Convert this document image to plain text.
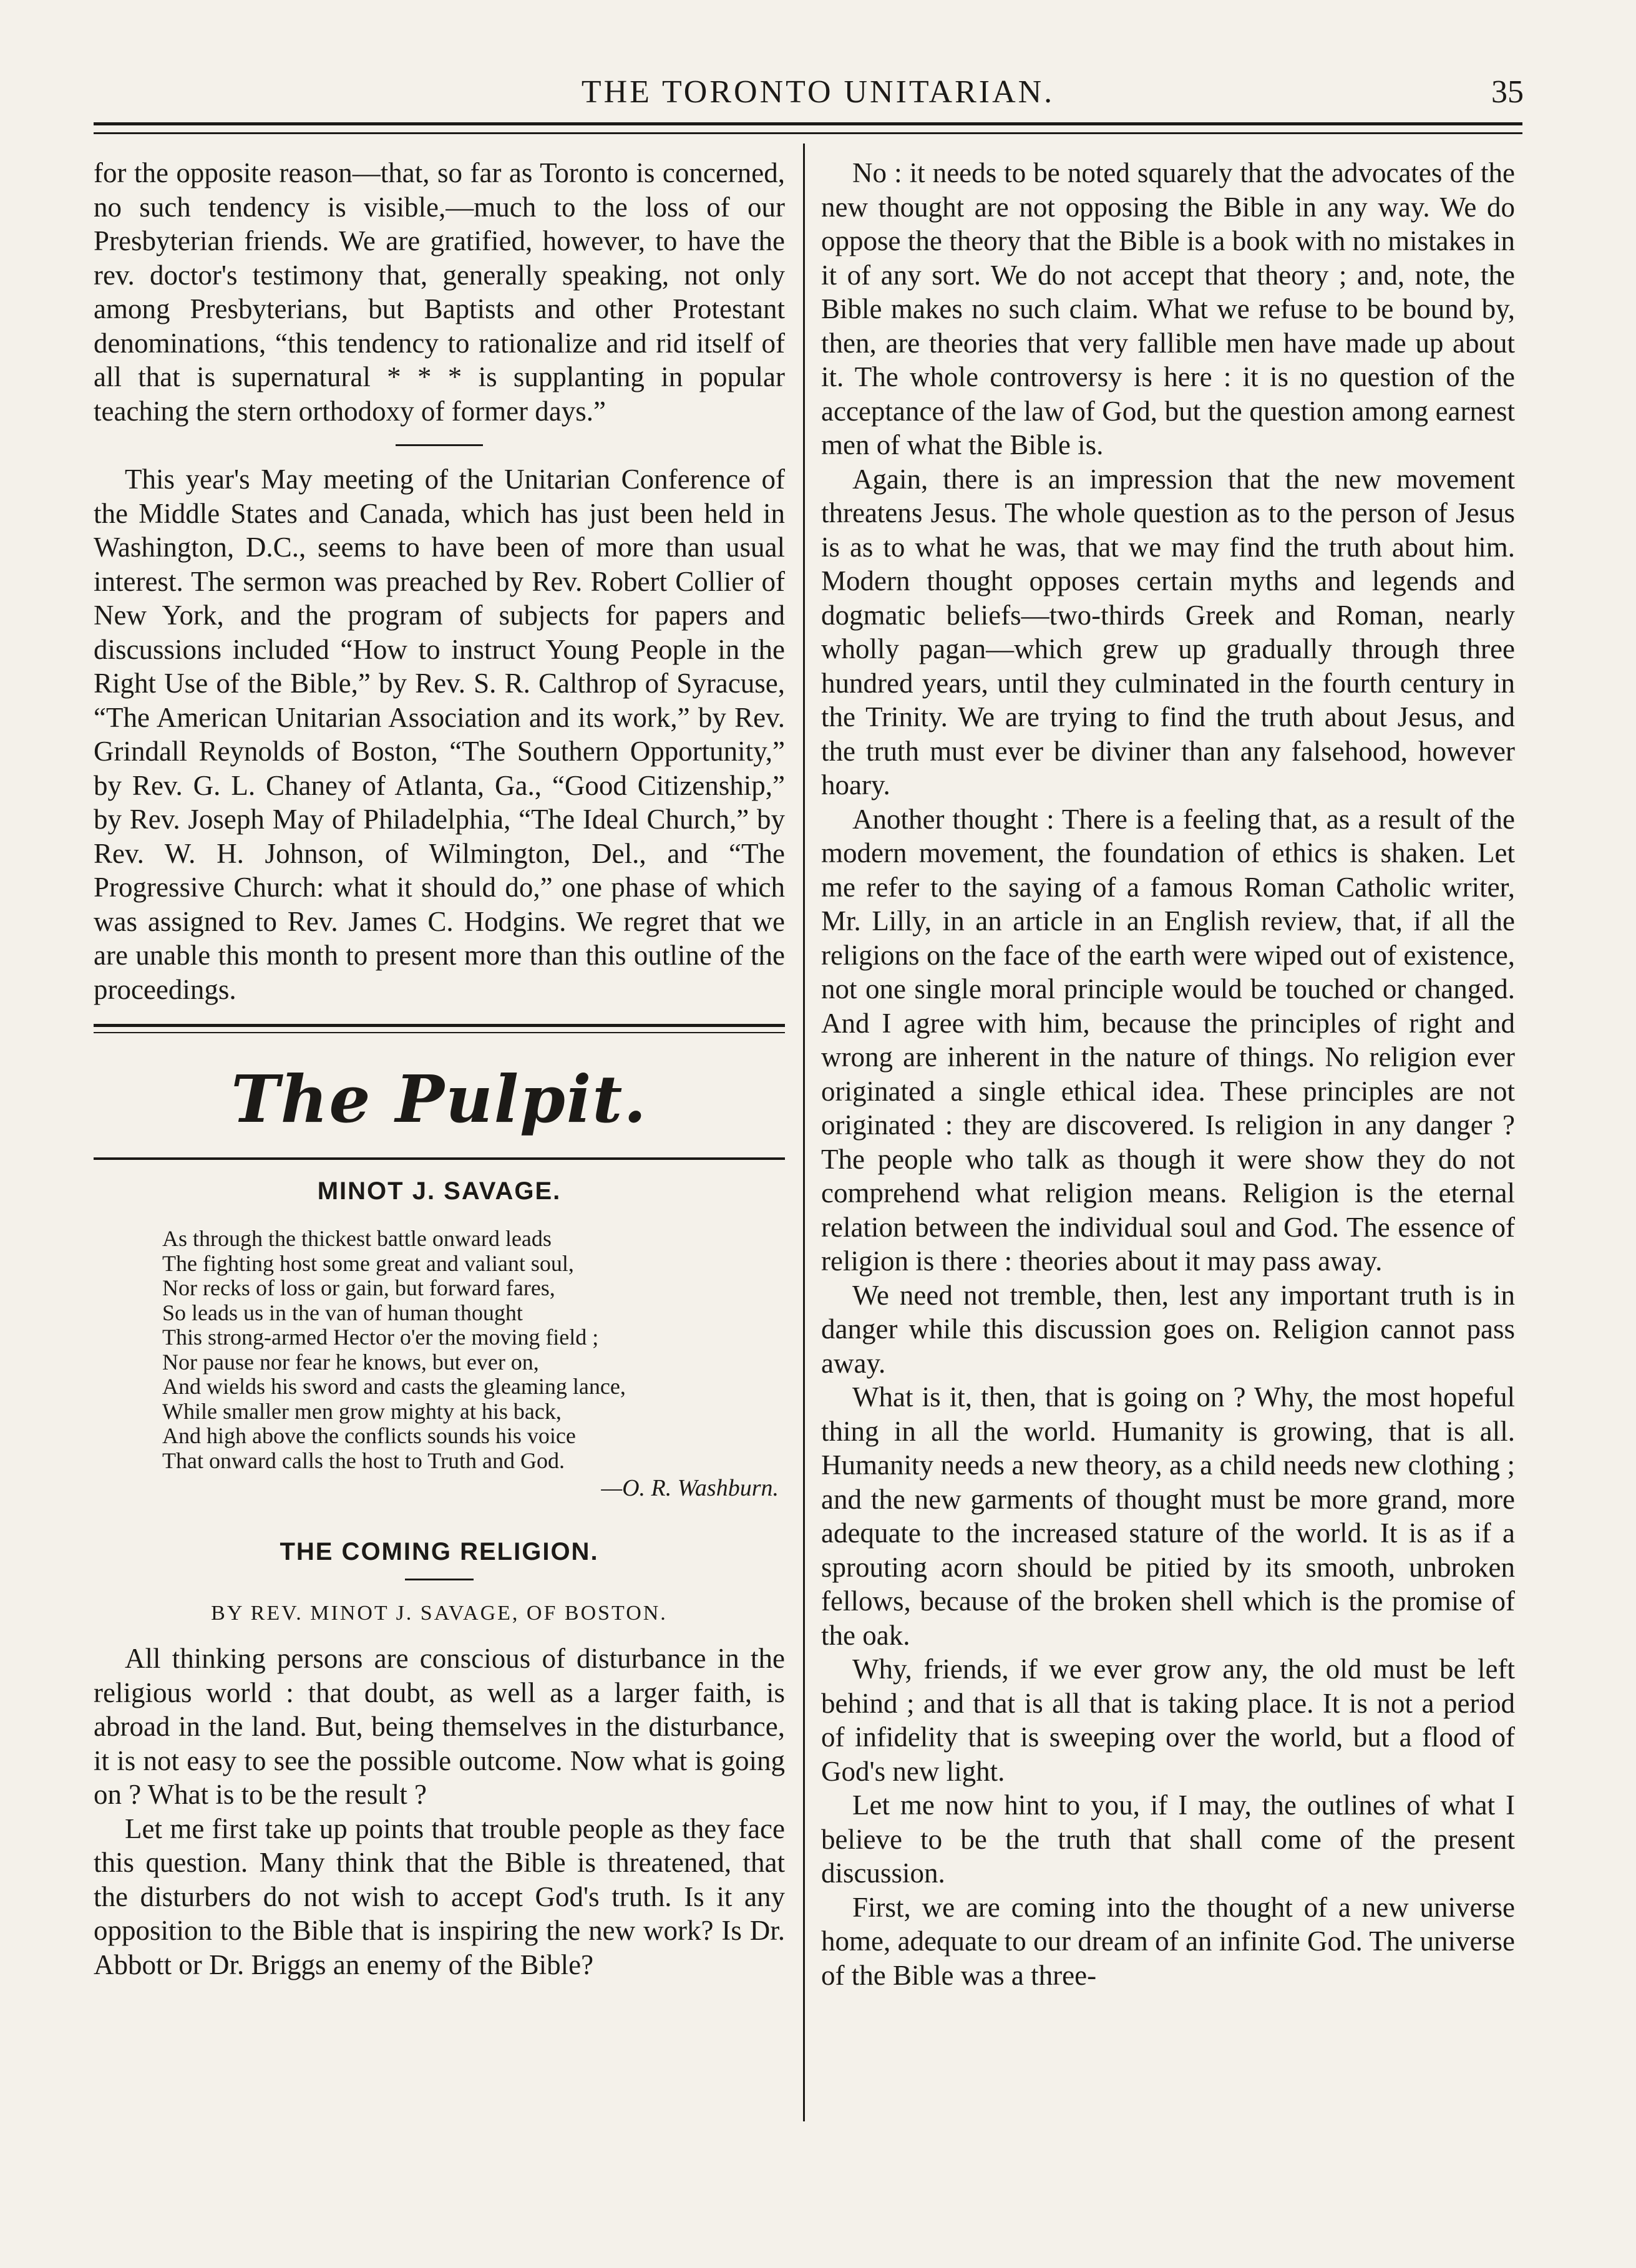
THE TORONTO UNITARIAN.	35

for the opposite reason—that, so far as Toronto is concerned, no such tendency is visible,—much to the loss of our Presbyterian friends. We are gratified, however, to have the rev. doctor's testimony that, generally speaking, not only among Presbyterians, but Baptists and other Protestant denominations, “this tendency to rationalize and rid itself of all that is supernatural * * * is supplanting in popular teaching the stern orthodoxy of former days.”

This year's May meeting of the Unitarian Conference of the Middle States and Canada, which has just been held in Washington, D.C., seems to have been of more than usual interest. The sermon was preached by Rev. Robert Collier of New York, and the program of subjects for papers and discussions included “How to instruct Young People in the Right Use of the Bible,” by Rev. S. R. Calthrop of Syracuse, “The American Unitarian Association and its work,” by Rev. Grindall Reynolds of Boston, “The Southern Opportunity,” by Rev. G. L. Chaney of Atlanta, Ga., “Good Citizenship,” by Rev. Joseph May of Philadelphia, “The Ideal Church,” by Rev. W. H. Johnson, of Wilmington, Del., and “The Progressive Church: what it should do,” one phase of which was assigned to Rev. James C. Hodgins. We regret that we are unable this month to present more than this outline of the proceedings.

The Pulpit.
MINOT J. SAVAGE.
As through the thickest battle onward leads
The fighting host some great and valiant soul,
Nor recks of loss or gain, but forward fares,
So leads us in the van of human thought
This strong-armed Hector o'er the moving field ;
Nor pause nor fear he knows, but ever on,
And wields his sword and casts the gleaming lance,
While smaller men grow mighty at his back,
And high above the conflicts sounds his voice
That onward calls the host to Truth and God.
—O. R. Washburn.
THE COMING RELIGION.
BY REV. MINOT J. SAVAGE, OF BOSTON.

All thinking persons are conscious of disturbance in the religious world : that doubt, as well as a larger faith, is abroad in the land. But, being themselves in the disturbance, it is not easy to see the possible outcome. Now what is going on ? What is to be the result ?

Let me first take up points that trouble people as they face this question. Many think that the Bible is threatened, that the disturbers do not wish to accept God's truth. Is it any opposition to the Bible that is inspiring the new work? Is Dr. Abbott or Dr. Briggs an enemy of the Bible?

No : it needs to be noted squarely that the advocates of the new thought are not opposing the Bible in any way. We do oppose the theory that the Bible is a book with no mistakes in it of any sort. We do not accept that theory ; and, note, the Bible makes no such claim. What we refuse to be bound by, then, are theories that very fallible men have made up about it. The whole controversy is here : it is no question of the acceptance of the law of God, but the question among earnest men of what the Bible is.

Again, there is an impression that the new movement threatens Jesus. The whole question as to the person of Jesus is as to what he was, that we may find the truth about him. Modern thought opposes certain myths and legends and dogmatic beliefs—two-thirds Greek and Roman, nearly wholly pagan—which grew up gradually through three hundred years, until they culminated in the fourth century in the Trinity. We are trying to find the truth about Jesus, and the truth must ever be diviner than any falsehood, however hoary.

Another thought : There is a feeling that, as a result of the modern movement, the foundation of ethics is shaken. Let me refer to the saying of a famous Roman Catholic writer, Mr. Lilly, in an article in an English review, that, if all the religions on the face of the earth were wiped out of existence, not one single moral principle would be touched or changed. And I agree with him, because the principles of right and wrong are inherent in the nature of things. No religion ever originated a single ethical idea. These principles are not originated : they are discovered. Is religion in any danger ? The people who talk as though it were show they do not comprehend what religion means. Religion is the eternal relation between the individual soul and God. The essence of religion is there : theories about it may pass away.

We need not tremble, then, lest any important truth is in danger while this discussion goes on. Religion cannot pass away.

What is it, then, that is going on ? Why, the most hopeful thing in all the world. Humanity is growing, that is all. Humanity needs a new theory, as a child needs new clothing ; and the new garments of thought must be more grand, more adequate to the increased stature of the world. It is as if a sprouting acorn should be pitied by its smooth, unbroken fellows, because of the broken shell which is the promise of the oak.

Why, friends, if we ever grow any, the old must be left behind ; and that is all that is taking place. It is not a period of infidelity that is sweeping over the world, but a flood of God's new light.

Let me now hint to you, if I may, the outlines of what I believe to be the truth that shall come of the present discussion.

First, we are coming into the thought of a new universe home, adequate to our dream of an infinite God. The universe of the Bible was a three-
